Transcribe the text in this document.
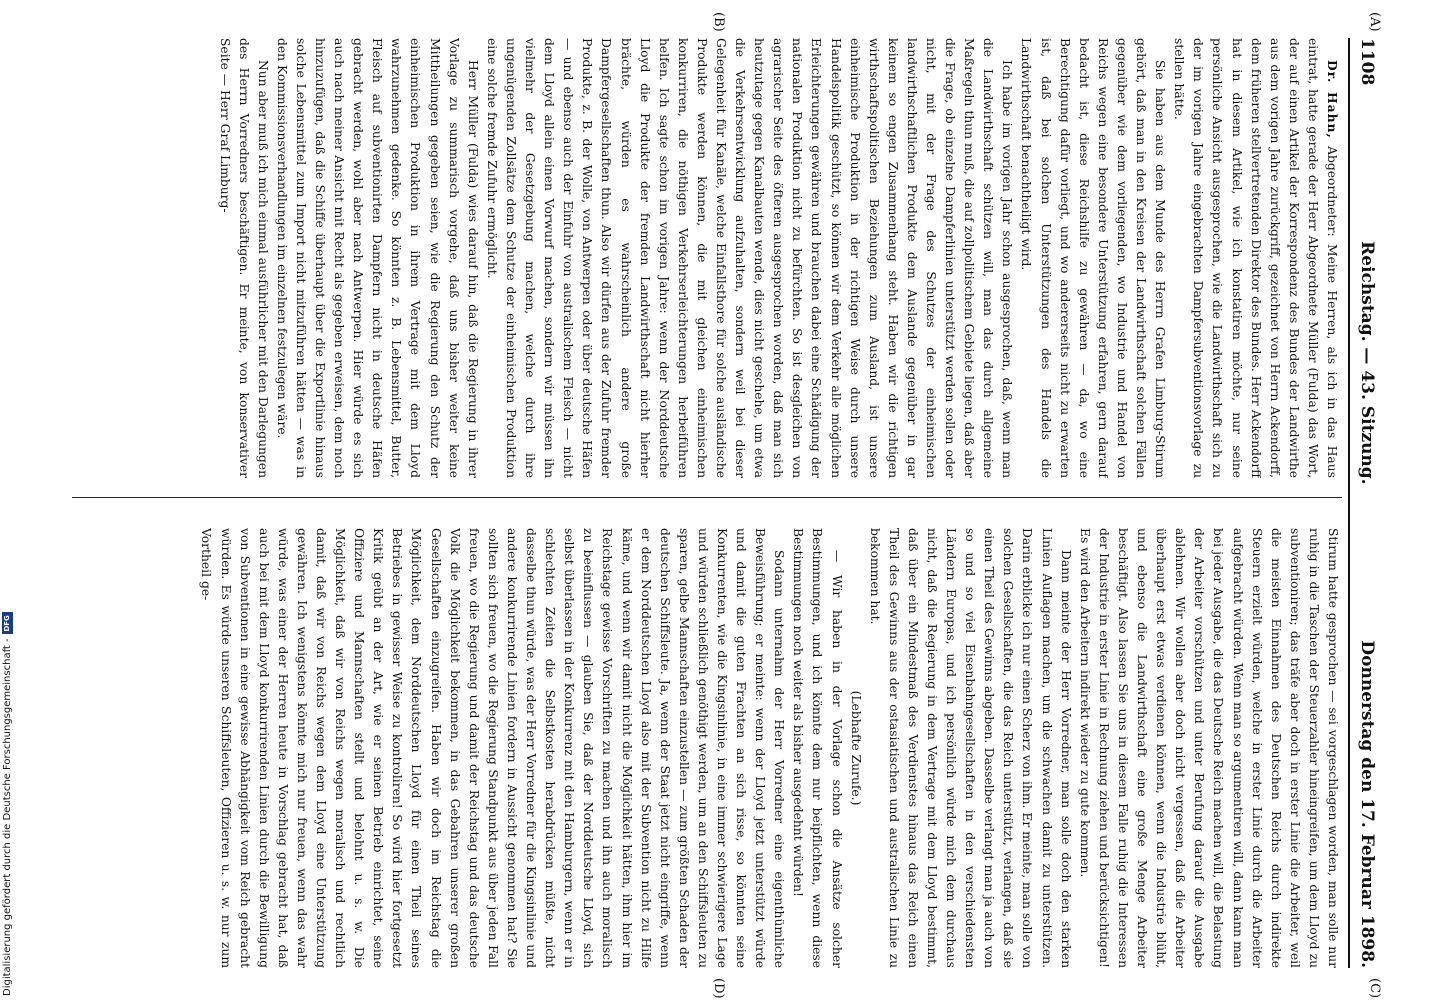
(A)
(B)
(C)
(D)
1108
Reichstag. — 43. Sitzung.
Donnerstag den 17. Februar 1898.

Dr. Hahn, Abgeordneter: Meine Herren, als ich in das Haus eintrat, hatte gerade der Herr Abgeordnete Müller (Fulda) das Wort, der auf einen Artikel der Korrespondenz des Bundes der Landwirthe aus dem vorigen Jahre zurückgriff, gezeichnet von Herrn Ackendorff, dem früheren stellvertretenden Direktor des Bundes. Herr Ackendorff hat in diesem Artikel, wie ich konstatiren möchte, nur seine persönliche Ansicht ausgesprochen, wie die Landwirthschaft sich zu der im vorigen Jahre eingebrachten Dampfersubventionsvorlage zu stellen hätte.

Sie haben aus dem Munde des Herrn Grafen Limburg-Stirum gehört, daß man in den Kreisen der Landwirthschaft solchen Fällen gegenüber wie dem vorliegenden, wo Industrie und Handel von Reichs wegen eine besondere Unterstützung erfahren, gern darauf bedacht ist, diese Reichshilfe zu gewähren — da, wo eine Berechtigung dafür vorliegt, und wo andererseits nicht zu erwarten ist, daß bei solchen Unterstützungen des Handels die Landwirthschaft benachtheiligt wird.

Ich habe im vorigen Jahr schon ausgesprochen, daß, wenn man die Landwirthschaft schützen will, man das durch allgemeine Maßregeln thun muß, die auf zollpolitischem Gebiete liegen, daß aber die Frage, ob einzelne Dampferlinien unterstützt werden sollen oder nicht, mit der Frage des Schutzes der einheimischen landwirthschaftlichen Produkte dem Auslande gegenüber in gar keinem so engen Zusammenhang steht. Haben wir die richtigen wirthschaftspolitischen Beziehungen zum Ausland, ist unsere einheimische Produktion in der richtigen Weise durch unsere Handelspolitik geschützt, so können wir dem Verkehr alle möglichen Erleichterungen gewähren und brauchen dabei eine Schädigung der nationalen Produktion nicht zu befürchten. So ist desgleichen von agrarischer Seite des öfteren ausgesprochen worden, daß man sich heutzutage gegen Kanalbauten wende, dies nicht geschehe, um etwa die Verkehrsentwicklung aufzuhalten, sondern weil bei dieser Gelegenheit für Kanäle, welche Einfallsthore für solche ausländische Produkte werden können, die mit gleichen einheimischen konkurriren, die nöthigen Verkehrserleichterungen herbeiführen helfen. Ich sagte schon im vorigen Jahre: wenn der Norddeutsche Lloyd die Produkte der fremden Landwirthschaft nicht hierher brächte, würden es wahrscheinlich andere große Dampfergesellschaften thun. Also wir dürfen aus der Zufuhr fremder Produkte, z. B. der Wolle, von Antwerpen oder über deutsche Häfen — und ebenso auch der Einfuhr von australischem Fleisch — nicht dem Lloyd allein einen Vorwurf machen, sondern wir müssen ihn vielmehr der Gesetzgebung machen, welche durch ihre ungenügenden Zollsätze dem Schutze der einheimischen Produktion eine solche fremde Zufuhr ermöglicht.

Herr Müller (Fulda) wies darauf hin, daß die Regierung in ihrer Vorlage zu summarisch vorgehe, daß uns bisher weiter keine Mittheilungen gegeben seien, wie die Regierung den Schutz der einheimischen Produktion in ihrem Vertrage mit dem Lloyd wahrzunehmen gedenke. So könnten z. B. Lebensmittel, Butter, Fleisch auf subventionirten Dampfern nicht in deutsche Häfen gebracht werden, wohl aber nach Antwerpen. Hier würde es sich auch nach meiner Ansicht mit Recht als gegeben erweisen, dem noch hinzuzufügen, daß die Schiffe überhaupt über die Exportlinie hinaus solche Lebensmittel zum Import nicht mitzuführen hätten — was in den Kommissionsverhandlungen im einzelnen festzulegen wäre.

Nun aber muß ich mich einmal ausführlicher mit den Darlegungen des Herrn Vorredners beschäftigen. Er meinte, von konservativer Seite — Herr Graf Limburg-

Stirum hatte gesprochen — sei vorgeschlagen worden, man solle nur ruhig in die Taschen der Steuerzahler hineingreifen, um dem Lloyd zu subventioniren; das träfe aber doch in erster Linie die Arbeiter, weil die meisten Einnahmen des Deutschen Reichs durch indirekte Steuern erzielt würden, welche in erster Linie durch die Arbeiter aufgebracht würden. Wenn man so argumentiren will, dann kann man bei jeder Ausgabe, die das Deutsche Reich machen will, die Belastung der Arbeiter vorschützen und unter Berufung darauf die Ausgabe ablehnen. Wir wollen aber doch nicht vergessen, daß die Arbeiter überhaupt erst etwas verdienen können, wenn die Industrie blüht, und ebenso die Landwirthschaft eine große Menge Arbeiter beschäftigt. Also lassen Sie uns in diesem Falle ruhig die Interessen der Industrie in erster Linie in Rechnung ziehen und berücksichtigen! Es wird den Arbeitern indirekt wieder zu gute kommen.

Dann meinte der Herr Vorredner, man solle doch den starken Linien Auflagen machen, um die schwachen damit zu unterstützen. Darin erblicke ich nur einen Scherz von ihm. Er meinte, man solle von solchen Gesellschaften, die das Reich unterstützt, verlangen, daß sie einen Theil des Gewinns abgeben. Dasselbe verlangt man ja auch von so und so viel Eisenbahngesellschaften in den verschiedensten Ländern Europas, und ich persönlich würde mich dem durchaus nicht, daß die Regierung in dem Vertrage mit dem Lloyd bestimmt, daß über ein Mindestmaß des Verdienstes hinaus das Reich einen Theil des Gewinns aus der ostasiatischen und australischen Linie zu bekommen hat.

(Lebhafte Zurufe.)

— Wir haben in der Vorlage schon die Ansätze solcher Bestimmungen, und ich könnte dem nur beipflichten, wenn diese Bestimmungen noch weiter als bisher ausgedehnt würden!

Sodann unternahm der Herr Vorredner eine eigenthümliche Beweisführung; er meinte: wenn der Lloyd jetzt unterstützt würde und damit die guten Frachten an sich risse, so könnten seine Konkurrenten, wie die Kingsinlinie, in eine immer schwierigere Lage und würden schließlich genöthigt werden, um an den Schiffsleuten zu sparen, gelbe Mannschaften einzustellen — zum größten Schaden der deutschen Schiffsleute. Ja, wenn der Staat jetzt nicht eingriffe, wenn er dem Norddeutschen Lloyd also mit der Subvention nicht zu Hilfe käme, und wenn wir damit nicht die Möglichkeit hätten, ihm hier im Reichstage gewisse Vorschriften zu machen und ihn auch moralisch zu beeinflussen — glauben Sie, daß der Norddeutsche Lloyd, sich selbst überlassen in der Konkurrenz mit den Hamburgern, wenn er in schlechten Zeiten die Selbstkosten herabdrücken müßte, nicht dasselbe thun würde, was der Herr Vorredner für die Kingsinlinie und andere konkurrirende Linien fordern in Aussicht genommen hat? Sie sollten sich freuen, wo die Regierung Standpunkt aus über jeden Fall freuen, wo die Regierung und damit der Reichstag und das deutsche Volk die Möglichkeit bekommen, in das Gebahren unserer großen Gesellschaften einzugreifen. Haben wir doch im Reichstag die Möglichkeit, dem Norddeutschen Lloyd für einen Theil seines Betriebes in gewisser Weise zu kontroliren! So wird hier fortgesetzt Kritik geübt an der Art, wie er seinen Betrieb einrichtet, seine Offiziere und Mannschaften stellt und belohnt u. s. w. Die Möglichkeit, daß wir von Reichs wegen moralisch und rechtlich damit, daß wir von Reichs wegen dem Lloyd eine Unterstützung gewähren. Ich wenigstens könnte mich nur freuen, wenn das wahr würde, was einer der Herren heute in Vorschlag gebracht hat, daß auch bei mit dem Lloyd konkurrirenden Linien durch die Bewilligung von Subventionen in eine gewisse Abhängigkeit vom Reich gebracht würden. Es würde unseren Schiffsleuten, Offizieren u. s. w. nur zum Vortheil ge-

Digitalisierung gefördert durch die Deutsche Forschungsgemeinschaft -
DFG
